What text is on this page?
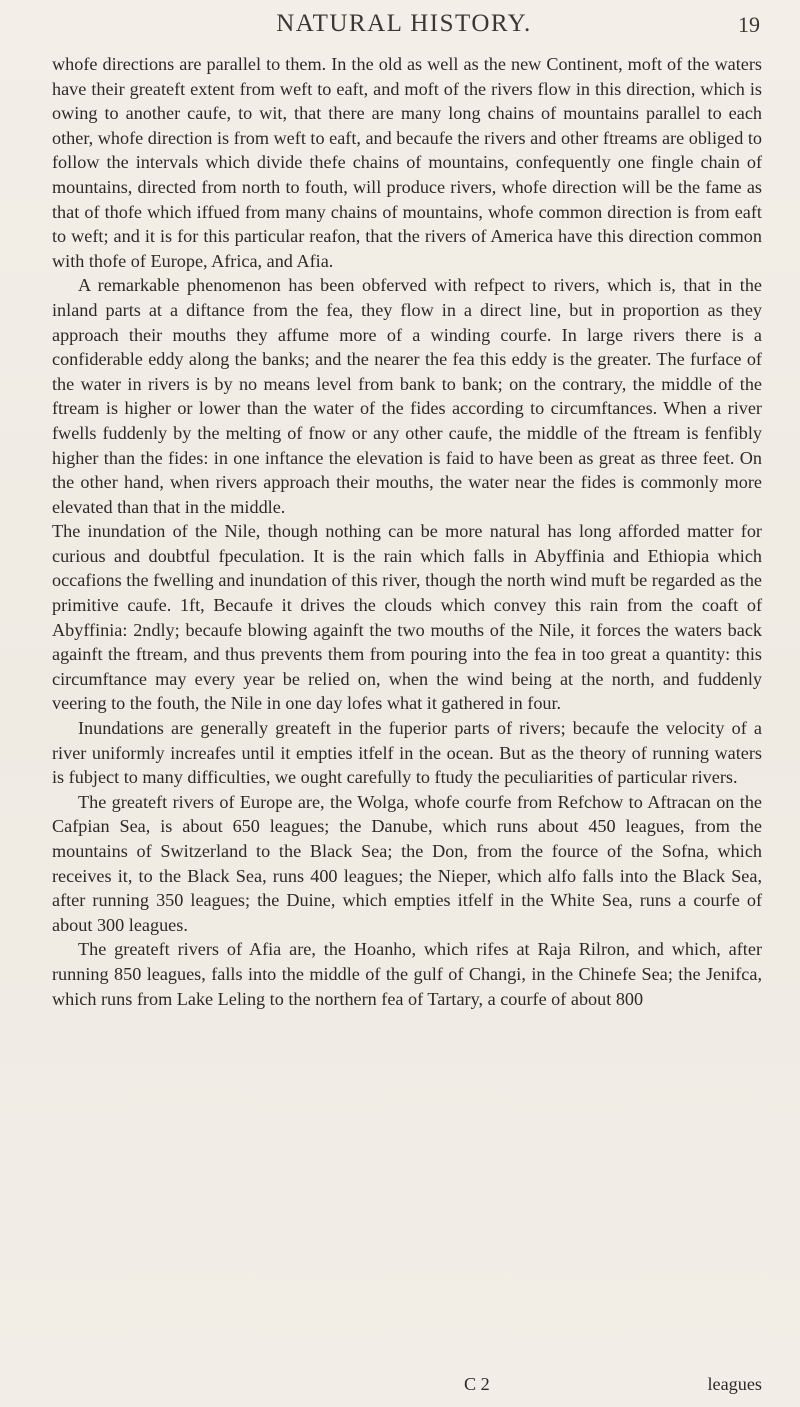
NATURAL HISTORY.	19

whofe directions are parallel to them. In the old as well as the new Continent, moft of the waters have their greateft extent from weft to eaft, and moft of the rivers flow in this direction, which is owing to another caufe, to wit, that there are many long chains of mountains parallel to each other, whofe direction is from weft to eaft, and becaufe the rivers and other ftreams are obliged to follow the intervals which divide thefe chains of mountains, confequently one fingle chain of mountains, directed from north to fouth, will produce rivers, whofe direction will be the fame as that of thofe which iffued from many chains of mountains, whofe common direction is from eaft to weft; and it is for this particular reafon, that the rivers of America have this direction common with thofe of Europe, Africa, and Afia.

A remarkable phenomenon has been obferved with refpect to rivers, which is, that in the inland parts at a diftance from the fea, they flow in a direct line, but in proportion as they approach their mouths they affume more of a winding courfe. In large rivers there is a confiderable eddy along the banks; and the nearer the fea this eddy is the greater. The furface of the water in rivers is by no means level from bank to bank; on the contrary, the middle of the ftream is higher or lower than the water of the fides according to circumftances. When a river fwells fuddenly by the melting of fnow or any other caufe, the middle of the ftream is fenfibly higher than the fides: in one inftance the elevation is faid to have been as great as three feet. On the other hand, when rivers approach their mouths, the water near the fides is commonly more elevated than that in the middle.

The inundation of the Nile, though nothing can be more natural has long afforded matter for curious and doubtful fpeculation. It is the rain which falls in Abyffinia and Ethiopia which occafions the fwelling and inundation of this river, though the north wind muft be regarded as the primitive caufe. 1ft, Becaufe it drives the clouds which convey this rain from the coaft of Abyffinia: 2ndly; becaufe blowing againft the two mouths of the Nile, it forces the waters back againft the ftream, and thus prevents them from pouring into the fea in too great a quantity: this circumftance may every year be relied on, when the wind being at the north, and fuddenly veering to the fouth, the Nile in one day lofes what it gathered in four.

Inundations are generally greateft in the fuperior parts of rivers; becaufe the velocity of a river uniformly increafes until it empties itfelf in the ocean. But as the theory of running waters is fubject to many difficulties, we ought carefully to ftudy the peculiarities of particular rivers.

The greateft rivers of Europe are, the Wolga, whofe courfe from Refchow to Aftracan on the Cafpian Sea, is about 650 leagues; the Danube, which runs about 450 leagues, from the mountains of Switzerland to the Black Sea; the Don, from the fource of the Sofna, which receives it, to the Black Sea, runs 400 leagues; the Nieper, which alfo falls into the Black Sea, after running 350 leagues; the Duine, which empties itfelf in the White Sea, runs a courfe of about 300 leagues.

The greateft rivers of Afia are, the Hoanho, which rifes at Raja Rilron, and which, after running 850 leagues, falls into the middle of the gulf of Changi, in the Chinefe Sea; the Jenifca, which runs from Lake Leling to the northern fea of Tartary, a courfe of about 800

C 2	leagues
